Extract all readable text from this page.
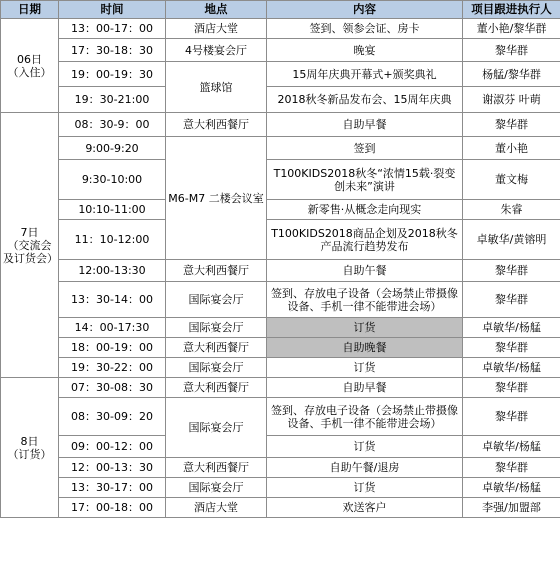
日期	时间	地点	内容	项目跟进执行人

06日
（入住）	13：00-17：00	酒店大堂	签到、领参会证、房卡	董小艳/黎华群
	17：30-18：30	4号楼宴会厅	晚宴	黎华群
	19：00-19：30	篮球馆	15周年庆典开幕式+颁奖典礼	杨艋/黎华群
	19：30-21:00		2018秋冬新品发布会、15周年庆典	谢淑芬 叶萌

7日
（交流会
及订货会）	08：30-9：00	意大利西餐厅	自助早餐	黎华群
	9:00-9:20	M6-M7 二楼会议室	签到	董小艳
	9:30-10:00		T100KIDS2018秋冬“浓情15载·裂变创未来”演讲	董文梅
	10:10-11:00		新零售·从概念走向现实	朱睿
	11：10-12:00		T100KIDS2018商品企划及2018秋冬产品流行趋势发布	卓敏华/黄镕明
	12:00-13:30	意大利西餐厅	自助午餐	黎华群
	13：30-14：00	国际宴会厅	签到、存放电子设备（会场禁止带摄像设备、手机一律不能带进会场）	黎华群
	14：00-17:30	国际宴会厅	订货	卓敏华/杨艋
	18：00-19：00	意大利西餐厅	自助晚餐	黎华群
	19：30-22：00	国际宴会厅	订货	卓敏华/杨艋

8日
（订货）	07：30-08：30	意大利西餐厅	自助早餐	黎华群
	08：30-09：20	国际宴会厅	签到、存放电子设备（会场禁止带摄像设备、手机一律不能带进会场）	黎华群
	09：00-12：00		订货	卓敏华/杨艋
	12：00-13：30	意大利西餐厅	自助午餐/退房	黎华群
	13：30-17：00	国际宴会厅	订货	卓敏华/杨艋
	17：00-18：00	酒店大堂	欢送客户	李强/加盟部
